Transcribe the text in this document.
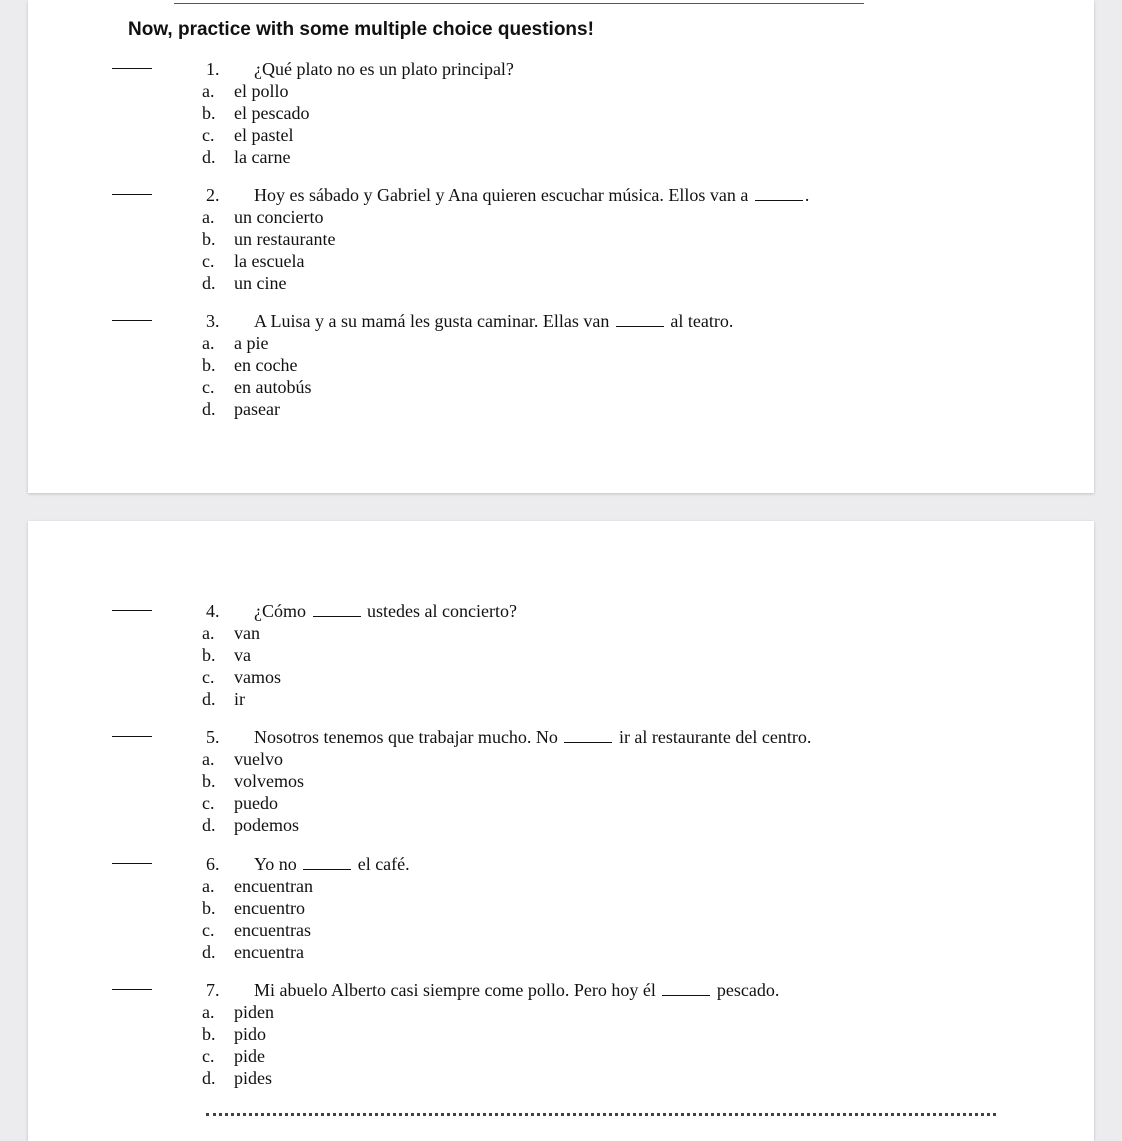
Now, practice with some multiple choice questions!
1. ¿Qué plato no es un plato principal?
a. el pollo
b. el pescado
c. el pastel
d. la carne
2. Hoy es sábado y Gabriel y Ana quieren escuchar música. Ellos van a	.
a. un concierto
b. un restaurante
c. la escuela
d. un cine
3. A Luisa y a su mamá les gusta caminar. Ellas van	al teatro.
a. a pie
b. en coche
c. en autobús
d. pasear
4. ¿Cómo	ustedes al concierto?
a. van
b. va
c. vamos
d. ir
5. Nosotros tenemos que trabajar mucho. No	ir al restaurante del centro.
a. vuelvo
b. volvemos
c. puedo
d. podemos
6. Yo no	el café.
a. encuentran
b. encuentro
c. encuentras
d. encuentra
7. Mi abuelo Alberto casi siempre come pollo. Pero hoy él	pescado.
a. piden
b. pido
c. pide
d. pides
